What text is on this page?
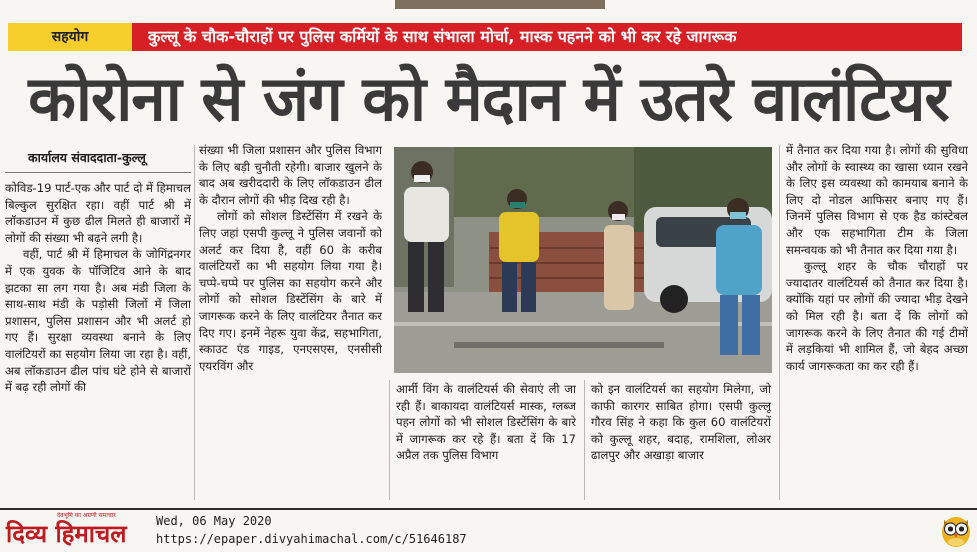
सहयोग	कुल्लू के चौक-चौराहों पर पुलिस कर्मियों के साथ संभाला मोर्चा, मास्क पहनने को भी कर रहे जागरूक
कोरोना से जंग को मैदान में उतरे वालंटियर
कार्यालय संवाददाता-कुल्लू

कोविड-19 पार्ट-एक और पार्ट दो में हिमाचल बिल्कुल सुरक्षित रहा। वहीं पार्ट श्री में लॉकडाउन में कुछ ढील मिलते ही बाजारों में लोगों की संख्या भी बढ़ने लगी है।

वहीं, पार्ट श्री में हिमाचल के जोगिंद्रनगर में एक युवक के पॉजिटिव आने के बाद झटका सा लग गया है। अब मंडी जिला के साथ-साथ मंडी के पड़ोसी जिलों में जिला प्रशासन, पुलिस प्रशासन और भी अलर्ट हो गए हैं। सुरक्षा व्यवस्था बनाने के लिए वालंटियरों का सहयोग लिया जा रहा है। वहीं, अब लॉकडाउन ढील पांच घंटे होने से बाजारों में बढ़ रही लोगों की

संख्या भी जिला प्रशासन और पुलिस विभाग के लिए बड़ी चुनौती रहेगी। बाजार खुलने के बाद अब खरीददारी के लिए लॉकडाउन ढील के दौरान लोगों की भीड़ दिख रही है।

लोगों को सोशल डिस्टेंसिंग में रखने के लिए जहां एसपी कुल्लू ने पुलिस जवानों को अलर्ट कर दिया है, वहीं 60 के करीब वालंटियरों का भी सहयोग लिया गया है। चप्पे-चप्पे पर पुलिस का सहयोग करने और लोगों को सोशल डिस्टेंसिंग के बारे में जागरूक करने के लिए वालंटियर तैनात कर दिए गए। इनमें नेहरू युवा केंद्र, सहभागिता, स्काउट एंड गाइड, एनएसएस, एनसीसी एयरविंग और

आर्मी विंग के वालंटियर्स की सेवाएं ली जा रही हैं। बाकायदा वालंटियर्स मास्क, ग्लब्ज पहन लोगों को भी सोशल डिस्टेंसिंग के बारे में जागरूक कर रहे हैं। बता दें कि 17 अप्रैल तक पुलिस विभाग

को इन वालंटियर्स का सहयोग मिलेगा, जो काफी कारगर साबित होगा। एसपी कुल्लू गौरव सिंह ने कहा कि कुल 60 वालंटियरों को कुल्लू शहर, बदाह, रामशिला, लोअर ढालपुर और अखाड़ा बाजार

में तैनात कर दिया गया है। लोगों की सुविधा और लोगों के स्वास्थ्य का खासा ध्यान रखने के लिए इस व्यवस्था को कामयाब बनाने के लिए दो नोडल आफिसर बनाए गए हैं। जिनमें पुलिस विभाग से एक हैड कांस्टेबल और एक सहभागिता टीम के जिला समन्वयक को भी तैनात कर दिया गया है।

कुल्लू शहर के चौक चौराहों पर ज्यादातर वालंटियर्स को तैनात कर दिया है। क्योंकि यहां पर लोगों की ज्यादा भीड़ देखने को मिल रही है। बता दें कि लोगों को जागरूक करने के लिए तैनात की गई टीमों में लड़कियां भी शामिल हैं, जो बेहद अच्छा कार्य जागरूकता का कर रही हैं।

दिव्य हिमाचल
देवभूमि का अग्रणी समाचार	Wed, 06 May 2020
https://epaper.divyahimachal.com/c/51646187
